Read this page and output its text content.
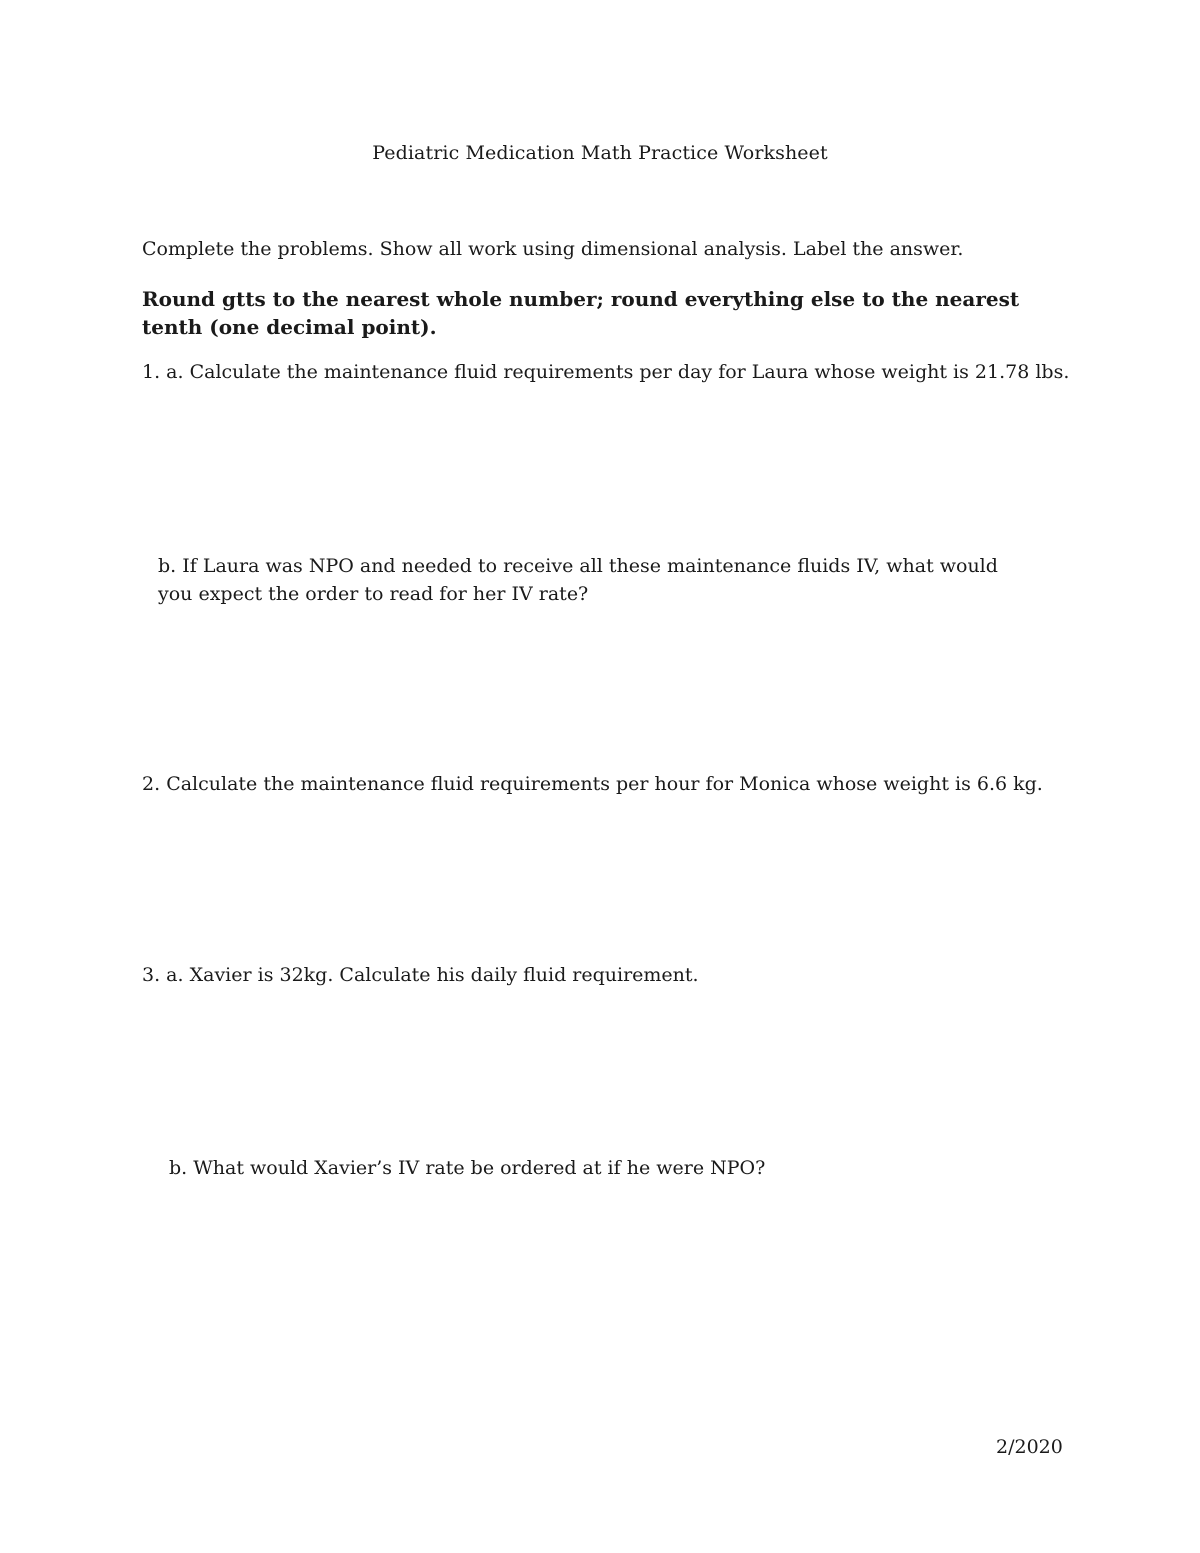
Pediatric Medication Math Practice Worksheet
Complete the problems. Show all work using dimensional analysis. Label the answer.
Round gtts to the nearest whole number; round everything else to the nearest tenth (one decimal point).
1. a. Calculate the maintenance fluid requirements per day for Laura whose weight is 21.78 lbs.
b. If Laura was NPO and needed to receive all these maintenance fluids IV, what would you expect the order to read for her IV rate?
2. Calculate the maintenance fluid requirements per hour for Monica whose weight is 6.6 kg.
3. a. Xavier is 32kg. Calculate his daily fluid requirement.
b. What would Xavier’s IV rate be ordered at if he were NPO?
2/2020
